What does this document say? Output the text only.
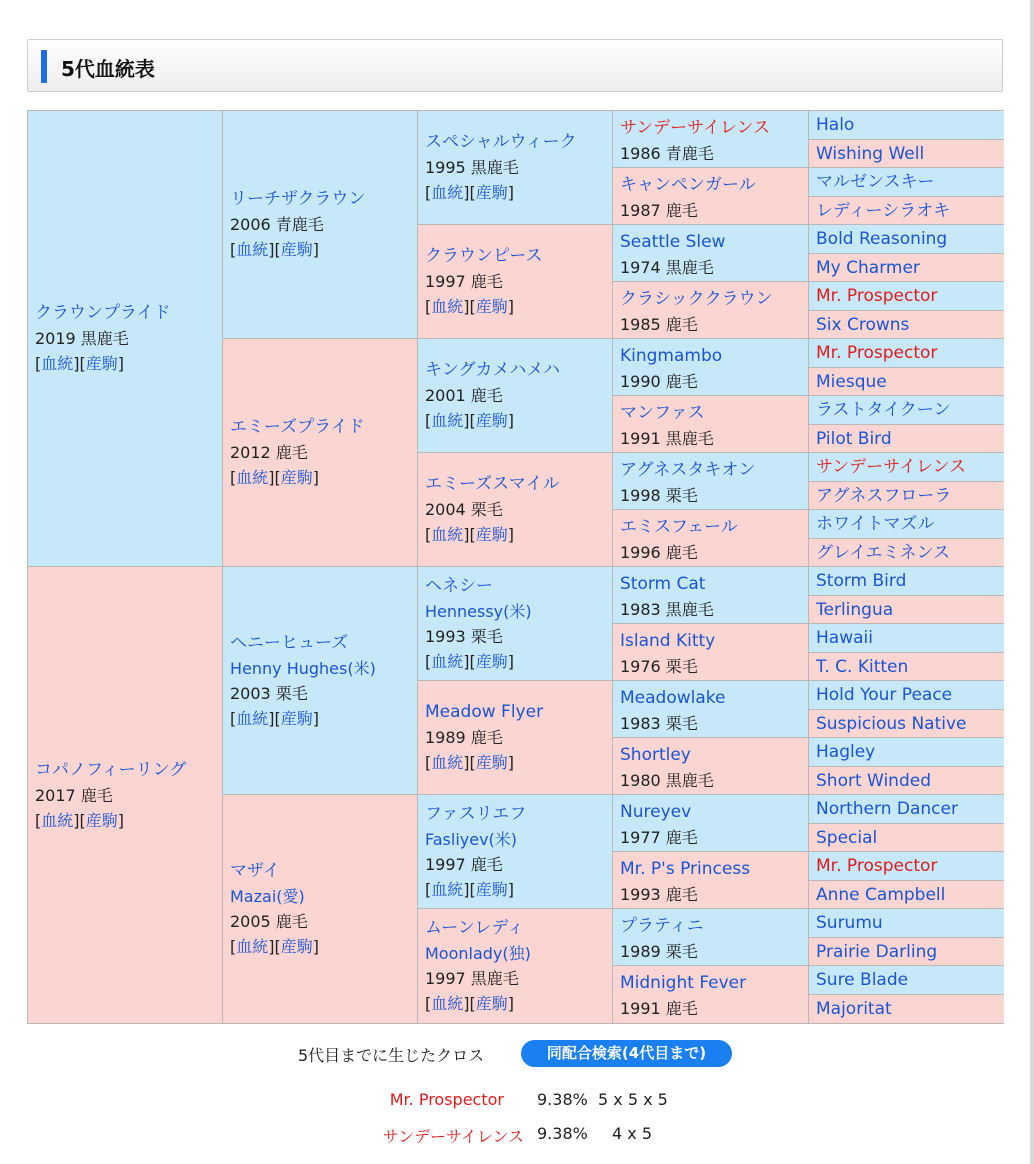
5代血統表
クラウンプライド
2019 黒鹿毛
[血統][産駒]
コパノフィーリング
2017 鹿毛
[血統][産駒]
リーチザクラウン
2006 青鹿毛
[血統][産駒]
エミーズプライド
2012 鹿毛
[血統][産駒]
ヘニーヒューズ
Henny Hughes(米)
2003 栗毛
[血統][産駒]
マザイ
Mazai(愛)
2005 鹿毛
[血統][産駒]
スペシャルウィーク
1995 黒鹿毛
[血統][産駒]
クラウンピース
1997 鹿毛
[血統][産駒]
キングカメハメハ
2001 鹿毛
[血統][産駒]
エミーズスマイル
2004 栗毛
[血統][産駒]
ヘネシー
Hennessy(米)
1993 栗毛
[血統][産駒]
Meadow Flyer
1989 鹿毛
[血統][産駒]
ファスリエフ
Fasliyev(米)
1997 鹿毛
[血統][産駒]
ムーンレディ
Moonlady(独)
1997 黒鹿毛
[血統][産駒]
サンデーサイレンス
1986 青鹿毛
キャンペンガール
1987 鹿毛
Seattle Slew
1974 黒鹿毛
クラシッククラウン
1985 鹿毛
Kingmambo
1990 鹿毛
マンファス
1991 黒鹿毛
アグネスタキオン
1998 栗毛
エミスフェール
1996 鹿毛
Storm Cat
1983 黒鹿毛
Island Kitty
1976 栗毛
Meadowlake
1983 栗毛
Shortley
1980 黒鹿毛
Nureyev
1977 鹿毛
Mr. P's Princess
1993 鹿毛
プラティニ
1989 栗毛
Midnight Fever
1991 鹿毛
Halo
Wishing Well
マルゼンスキー
レディーシラオキ
Bold Reasoning
My Charmer
Mr. Prospector
Six Crowns
Mr. Prospector
Miesque
ラストタイクーン
Pilot Bird
サンデーサイレンス
アグネスフローラ
ホワイトマズル
グレイエミネンス
Storm Bird
Terlingua
Hawaii
T. C. Kitten
Hold Your Peace
Suspicious Native
Hagley
Short Winded
Northern Dancer
Special
Mr. Prospector
Anne Campbell
Surumu
Prairie Darling
Sure Blade
Majoritat
5代目までに生じたクロス	同配合検索(4代目まで)
Mr. Prospector 9.38% 5 x 5 x 5
サンデーサイレンス 9.38% 4 x 5
